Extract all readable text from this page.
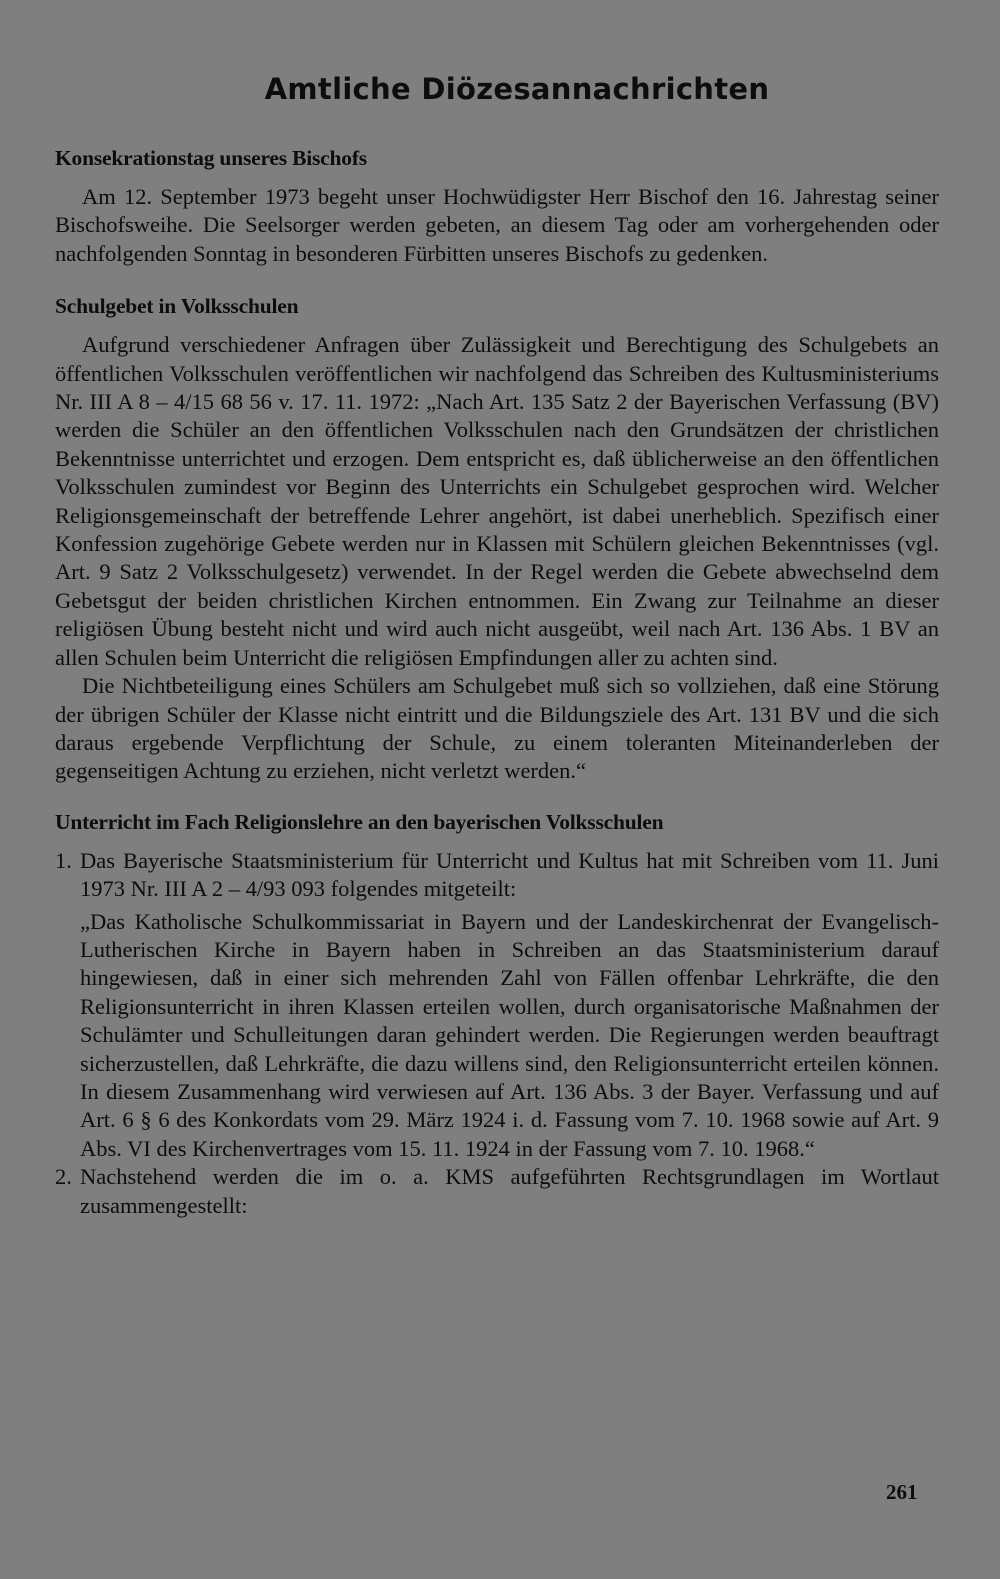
Amtliche Diözesannachrichten
Konsekrationstag unseres Bischofs

Am 12. September 1973 begeht unser Hochwüdigster Herr Bischof den 16. Jahrestag seiner Bischofsweihe. Die Seelsorger werden gebeten, an diesem Tag oder am vorhergehenden oder nachfolgenden Sonntag in besonderen Fürbitten unseres Bischofs zu gedenken.

Schulgebet in Volksschulen

Aufgrund verschiedener Anfragen über Zulässigkeit und Berechtigung des Schulgebets an öffentlichen Volksschulen veröffentlichen wir nachfolgend das Schreiben des Kultusministeriums Nr. III A 8 – 4/15 68 56 v. 17. 11. 1972: „Nach Art. 135 Satz 2 der Bayerischen Verfassung (BV) werden die Schüler an den öffentlichen Volksschulen nach den Grundsätzen der christlichen Bekenntnisse unterrichtet und erzogen. Dem entspricht es, daß üblicherweise an den öffentlichen Volksschulen zumindest vor Beginn des Unterrichts ein Schulgebet gesprochen wird. Welcher Religionsgemeinschaft der betreffende Lehrer angehört, ist dabei unerheblich. Spezifisch einer Konfession zugehörige Gebete werden nur in Klassen mit Schülern gleichen Bekenntnisses (vgl. Art. 9 Satz 2 Volksschulgesetz) verwendet. In der Regel werden die Gebete abwechselnd dem Gebetsgut der beiden christlichen Kirchen entnommen. Ein Zwang zur Teilnahme an dieser religiösen Übung besteht nicht und wird auch nicht ausgeübt, weil nach Art. 136 Abs. 1 BV an allen Schulen beim Unterricht die religiösen Empfindungen aller zu achten sind.

Die Nichtbeteiligung eines Schülers am Schulgebet muß sich so vollziehen, daß eine Störung der übrigen Schüler der Klasse nicht eintritt und die Bildungsziele des Art. 131 BV und die sich daraus ergebende Verpflichtung der Schule, zu einem toleranten Miteinanderleben der gegenseitigen Achtung zu erziehen, nicht verletzt werden.“

Unterricht im Fach Religionslehre an den bayerischen Volksschulen
1. Das Bayerische Staatsministerium für Unterricht und Kultus hat mit Schreiben vom 11. Juni 1973 Nr. III A 2 – 4/93 093 folgendes mitgeteilt:

„Das Katholische Schulkommissariat in Bayern und der Landeskirchenrat der Evangelisch-Lutherischen Kirche in Bayern haben in Schreiben an das Staatsministerium darauf hingewiesen, daß in einer sich mehrenden Zahl von Fällen offenbar Lehrkräfte, die den Religionsunterricht in ihren Klassen erteilen wollen, durch organisatorische Maßnahmen der Schulämter und Schulleitungen daran gehindert werden. Die Regierungen werden beauftragt sicherzustellen, daß Lehrkräfte, die dazu willens sind, den Religionsunterricht erteilen können. In diesem Zusammenhang wird verwiesen auf Art. 136 Abs. 3 der Bayer. Verfassung und auf Art. 6 § 6 des Konkordats vom 29. März 1924 i. d. Fassung vom 7. 10. 1968 sowie auf Art. 9 Abs. VI des Kirchenvertrages vom 15. 11. 1924 in der Fassung vom 7. 10. 1968.“

2. Nachstehend werden die im o. a. KMS aufgeführten Rechtsgrundlagen im Wortlaut zusammengestellt:

261
